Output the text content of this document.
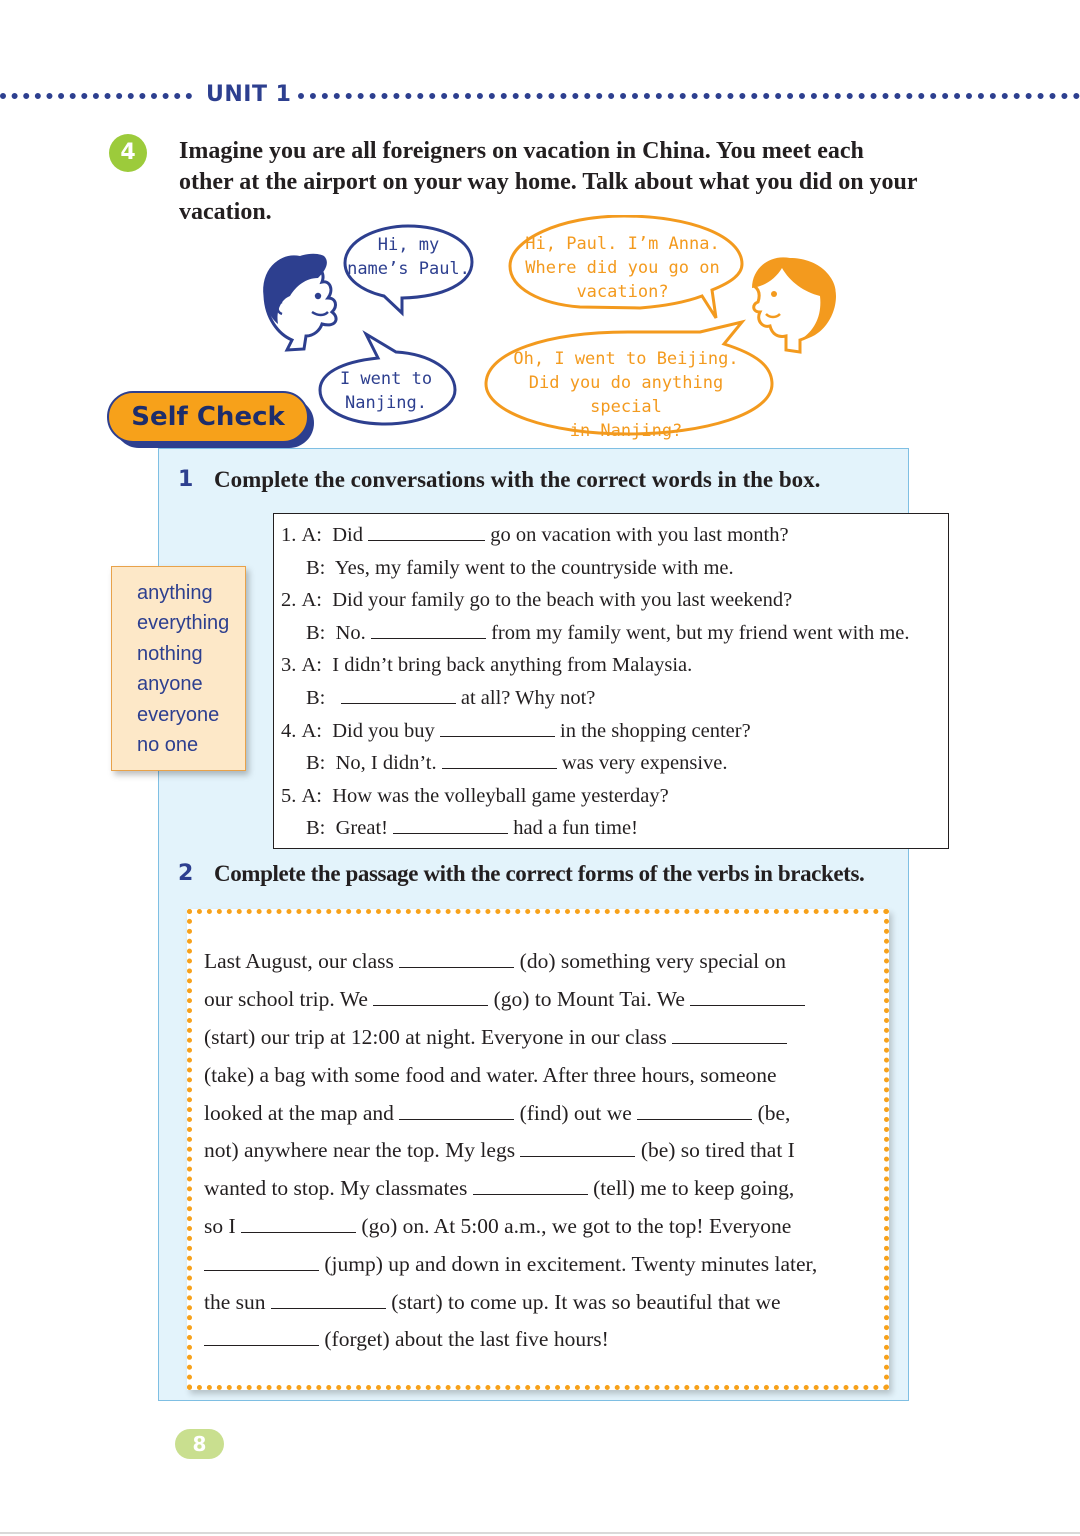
UNIT 1
4	Imagine you are all foreigners on vacation in China. You meet each other at the airport on your way home. Talk about what you did on your vacation.
Hi, my
name’s Paul.
Hi, Paul. I’m Anna.
Where did you go on
vacation?
I went to
Nanjing.
Oh, I went to Beijing.
Did you do anything special
in Nanjing?
Self Check
1 Complete the conversations with the correct words in the box.
anything
everything
nothing
anyone
everyone
no one
1. A: Did	go on vacation with you last month?
B: Yes, my family went to the countryside with me.
2. A: Did your family go to the beach with you last weekend?
B: No.	from my family went, but my friend went with me.
3. A: I didn’t bring back anything from Malaysia.
B:	at all? Why not?
4. A: Did you buy	in the shopping center?
B: No, I didn’t.	was very expensive.
5. A: How was the volleyball game yesterday?
B: Great!	had a fun time!
2 Complete the passage with the correct forms of the verbs in brackets.
Last August, our class	(do) something very special on
our school trip. We	(go) to Mount Tai. We
(start) our trip at 12:00 at night. Everyone in our class
(take) a bag with some food and water. After three hours, someone
looked at the map and	(find) out we	(be,
not) anywhere near the top. My legs	(be) so tired that I
wanted to stop. My classmates	(tell) me to keep going,
so I	(go) on. At 5:00 a.m., we got to the top! Everyone
(jump) up and down in excitement. Twenty minutes later,
the sun	(start) to come up. It was so beautiful that we
(forget) about the last five hours!
8
